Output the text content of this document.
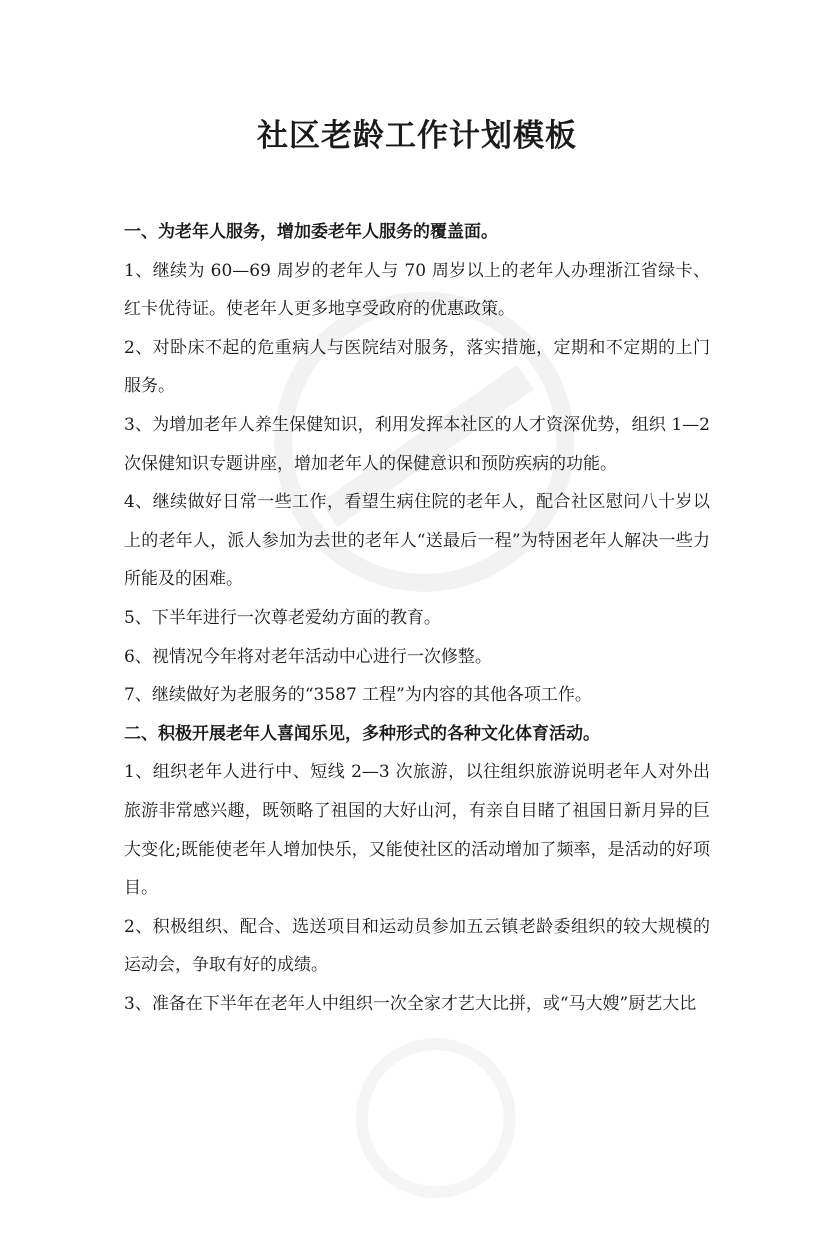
社区老龄工作计划模板

一、为老年人服务，增加委老年人服务的覆盖面。

1、继续为 60—69 周岁的老年人与 70 周岁以上的老年人办理浙江省绿卡、红卡优待证。使老年人更多地享受政府的优惠政策。

2、对卧床不起的危重病人与医院结对服务，落实措施，定期和不定期的上门服务。

3、为增加老年人养生保健知识，利用发挥本社区的人才资深优势，组织 1—2 次保健知识专题讲座，增加老年人的保健意识和预防疾病的功能。

4、继续做好日常一些工作，看望生病住院的老年人，配合社区慰问八十岁以上的老年人，派人参加为去世的老年人“送最后一程”为特困老年人解决一些力所能及的困难。

5、下半年进行一次尊老爱幼方面的教育。

6、视情况今年将对老年活动中心进行一次修整。

7、继续做好为老服务的“3587 工程”为内容的其他各项工作。

二、积极开展老年人喜闻乐见，多种形式的各种文化体育活动。

1、组织老年人进行中、短线 2—3 次旅游，以往组织旅游说明老年人对外出旅游非常感兴趣，既领略了祖国的大好山河，有亲自目睹了祖国日新月异的巨大变化;既能使老年人增加快乐，又能使社区的活动增加了频率，是活动的好项目。

2、积极组织、配合、选送项目和运动员参加五云镇老龄委组织的较大规模的运动会，争取有好的成绩。

3、准备在下半年在老年人中组织一次全家才艺大比拼，或“马大嫂”厨艺大比
